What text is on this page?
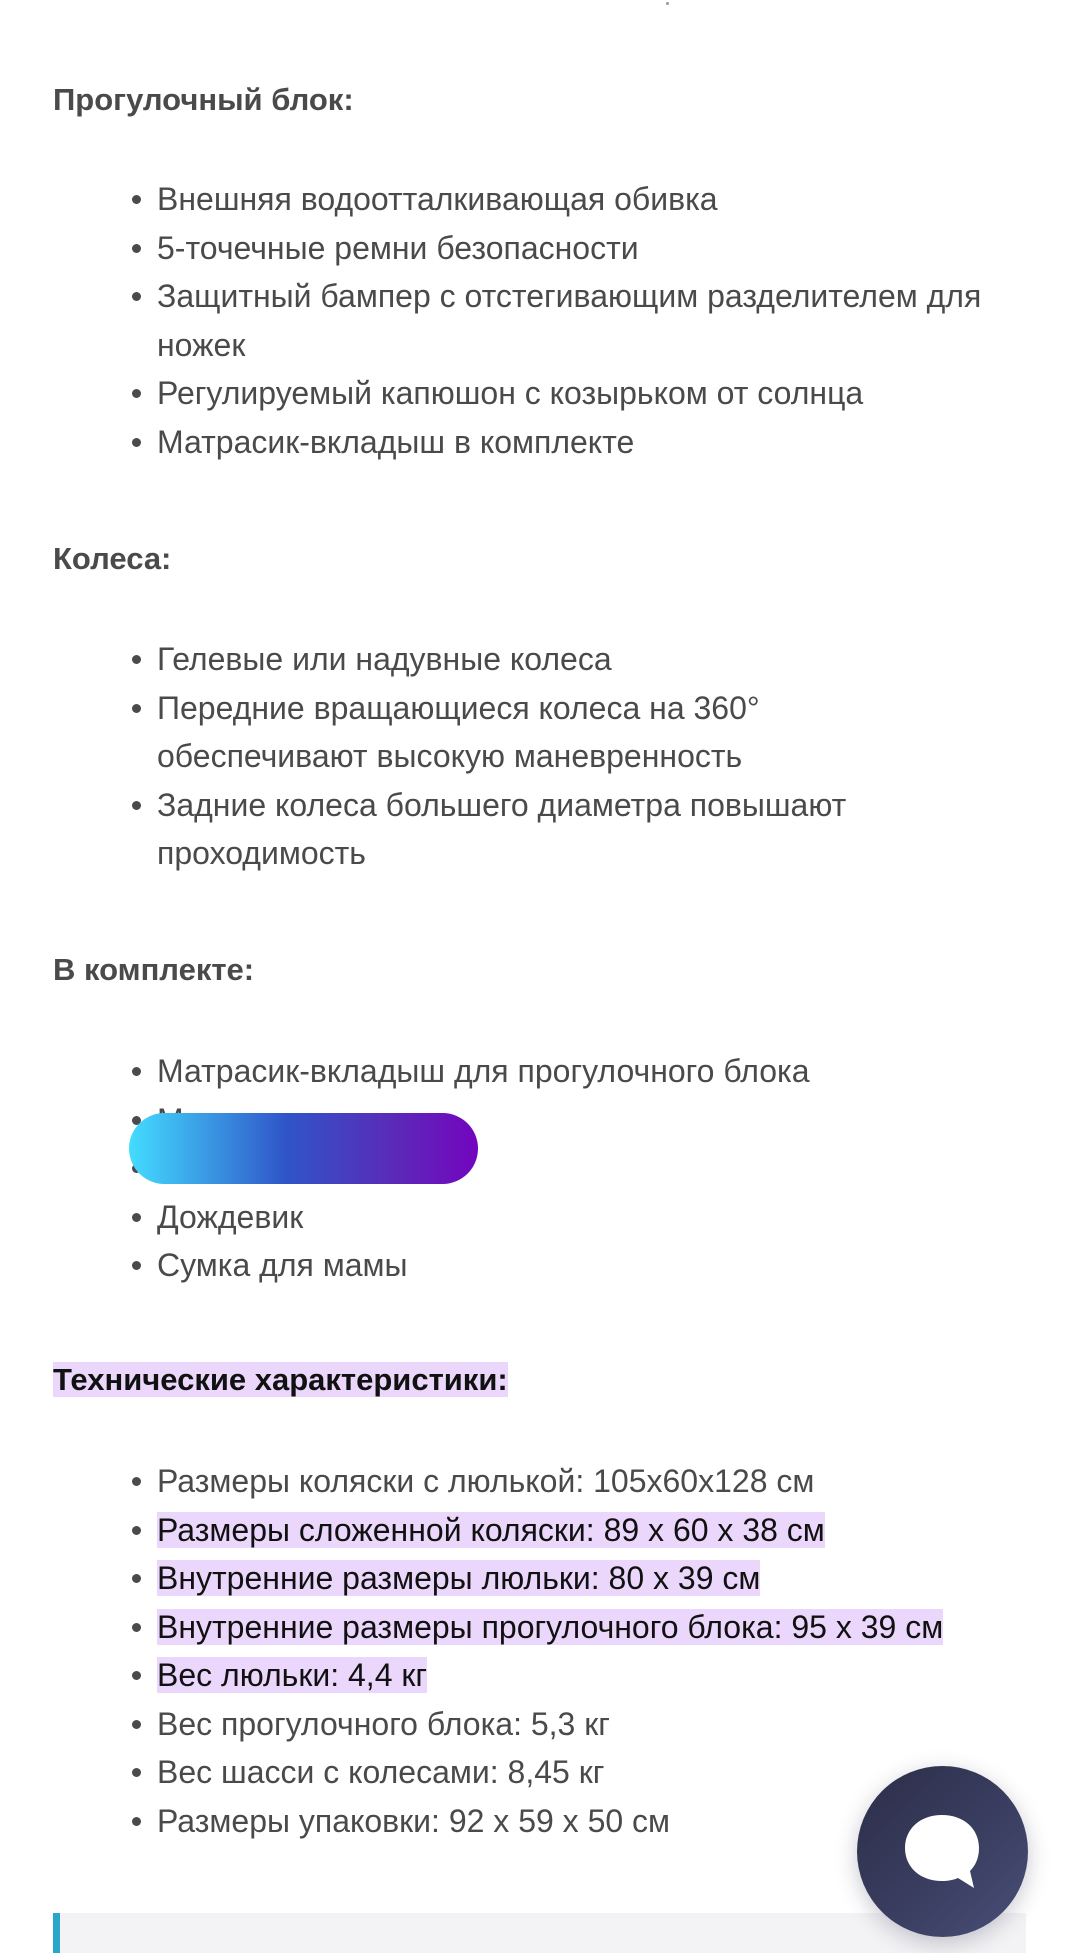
Прогулочный блок:
Внешняя водоотталкивающая обивка
5-точечные ремни безопасности
Защитный бампер с отстегивающим разделителем для ножек
Регулируемый капюшон с козырьком от солнца
Матрасик-вкладыш в комплекте
Колеса:
Гелевые или надувные колеса
Передние вращающиеся колеса на 360° обеспечивают высокую маневренность
Задние колеса большего диаметра повышают проходимость
В комплекте:
Матрасик-вкладыш для прогулочного блока

Дождевик
Сумка для мамы
Технические характеристики:
Размеры коляски с люлькой: 105x60x128 см
Размеры сложенной коляски: 89 x 60 x 38 см
Внутренние размеры люльки: 80 x 39 см
Внутренние размеры прогулочного блока: 95 x 39 см
Вес люльки: 4,4 кг
Вес прогулочного блока: 5,3 кг
Вес шасси с колесами: 8,45 кг
Размеры упаковки: 92 x 59 x 50 см
